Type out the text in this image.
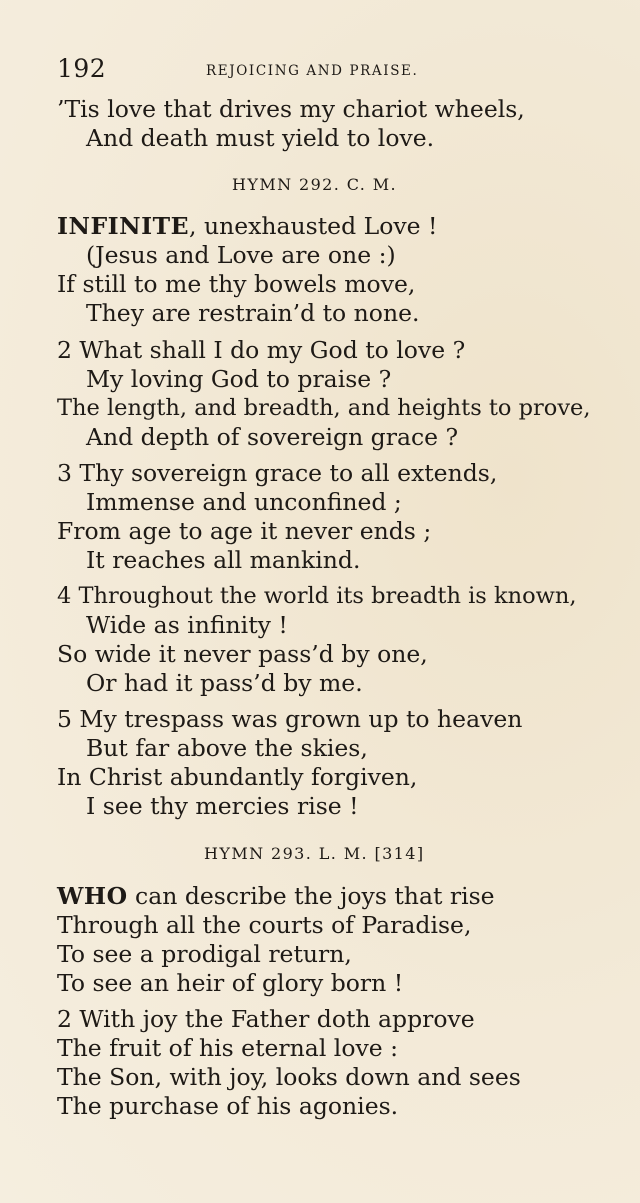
192	REJOICING AND PRAISE.
’Tis love that drives my chariot wheels,
And death must yield to love.
HYMN 292. C. M.
INFINITE, unexhausted Love !
(Jesus and Love are one :)
If still to me thy bowels move,
They are restrain’d to none.
2 What shall I do my God to love ?
My loving God to praise ?
The length, and breadth, and heights to prove,
And depth of sovereign grace ?
3 Thy sovereign grace to all extends,
Immense and unconfined ;
From age to age it never ends ;
It reaches all mankind.
4 Throughout the world its breadth is known,
Wide as infinity !
So wide it never pass’d by one,
Or had it pass’d by me.
5 My trespass was grown up to heaven
But far above the skies,
In Christ abundantly forgiven,
I see thy mercies rise !
HYMN 293. L. M. [314]
WHO can describe the joys that rise
Through all the courts of Paradise,
To see a prodigal return,
To see an heir of glory born !
2 With joy the Father doth approve
The fruit of his eternal love :
The Son, with joy, looks down and sees
The purchase of his agonies.
